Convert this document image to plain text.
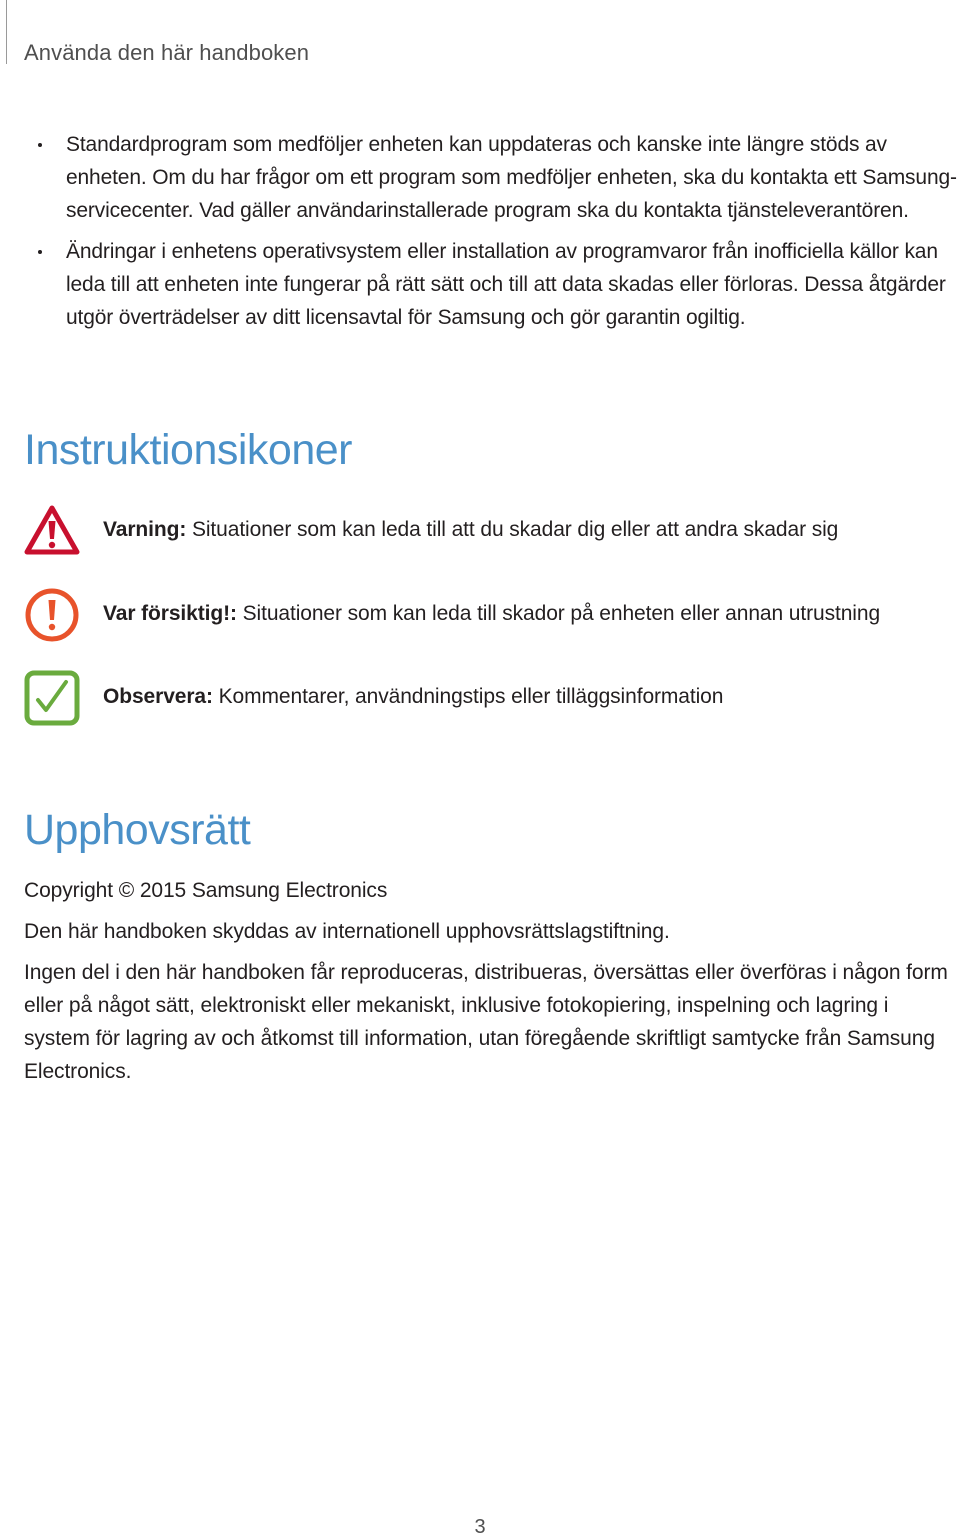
Använda den här handboken
Standardprogram som medföljer enheten kan uppdateras och kanske inte längre stöds av enheten. Om du har frågor om ett program som medföljer enheten, ska du kontakta ett Samsung-servicecenter. Vad gäller användarinstallerade program ska du kontakta tjänsteleverantören.
Ändringar i enhetens operativsystem eller installation av programvaror från inofficiella källor kan leda till att enheten inte fungerar på rätt sätt och till att data skadas eller förloras. Dessa åtgärder utgör överträdelser av ditt licensavtal för Samsung och gör garantin ogiltig.
Instruktionsikoner
Varning: Situationer som kan leda till att du skadar dig eller att andra skadar sig
Var försiktig!: Situationer som kan leda till skador på enheten eller annan utrustning
Observera: Kommentarer, användningstips eller tilläggsinformation
Upphovsrätt

Copyright © 2015 Samsung Electronics

Den här handboken skyddas av internationell upphovsrättslagstiftning.

Ingen del i den här handboken får reproduceras, distribueras, översättas eller överföras i någon form eller på något sätt, elektroniskt eller mekaniskt, inklusive fotokopiering, inspelning och lagring i system för lagring av och åtkomst till information, utan föregående skriftligt samtycke från Samsung Electronics.

3
